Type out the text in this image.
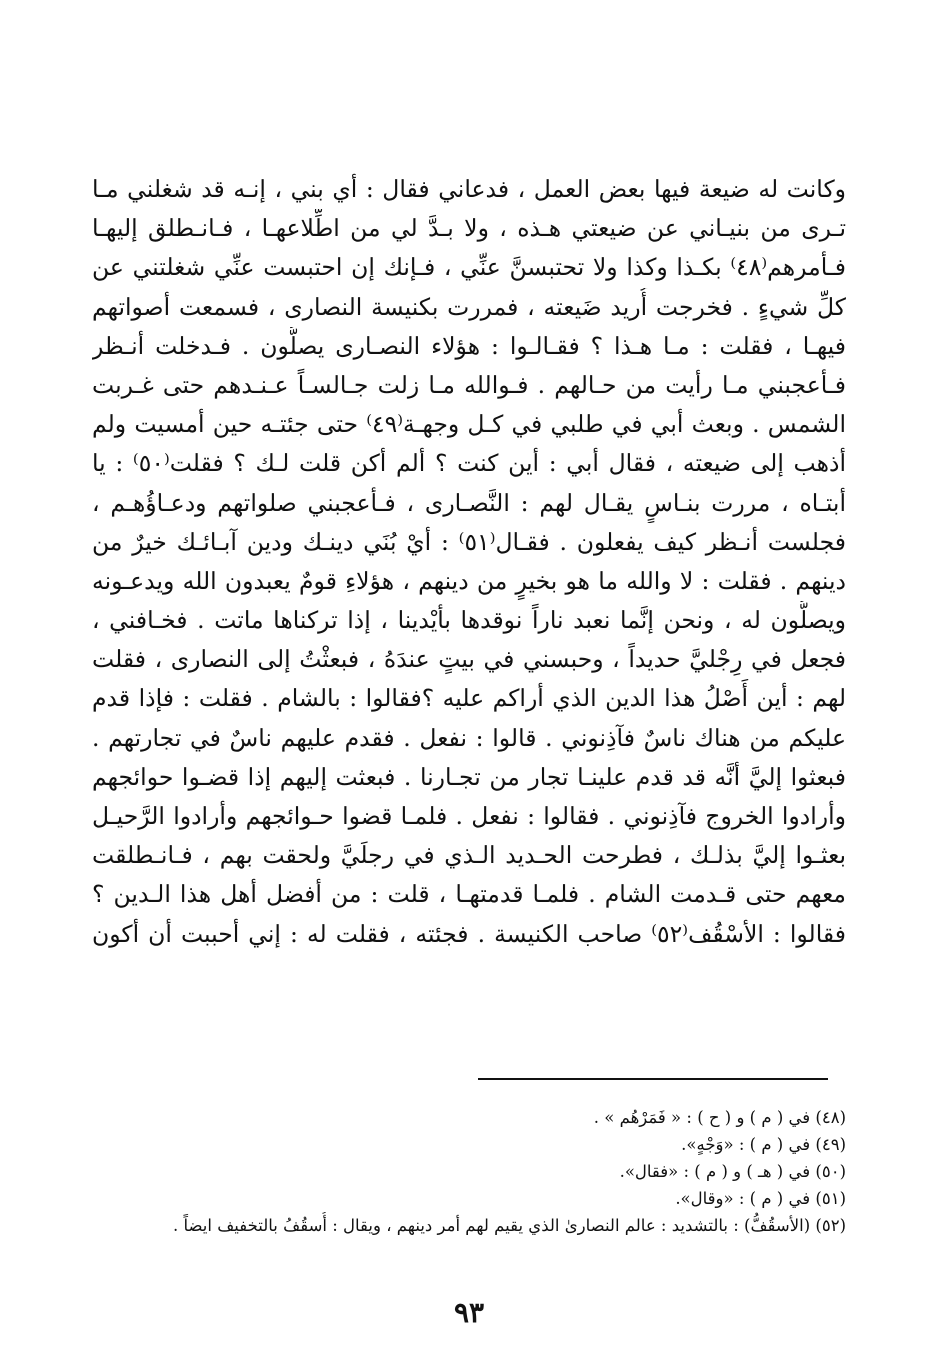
وكانت له ضيعة فيها بعض العمل ، فدعاني فقال : أي بني ، إنـه قد شغلني مـا
تـرى من بنيـاني عن ضيعتي هـذه ، ولا بـدَّ لي من اطِّلاعهـا ، فـانـطلق إليهـا
فـأمرهم⁽٤٨⁾ بكـذا وكذا ولا تحتبسنَّ عنِّي ، فـإنك إن احتبست عنِّي شغلتني عن
كلِّ شيءٍ . فخرجت أُريد ضَيعته ، فمررت بكنيسة النصارى ، فسمعت أصواتهم
فيهـا ، فقلت : مـا هـذا ؟ فقـالـوا : هؤلاء النصـارى يصلُّون . فـدخلت أنـظر
فـأعجبني مـا رأيت من حـالهم . فـوالله مـا زلت جـالسـاً عـنـدهم حتى غـربت
الشمس . وبعث أبي في طلبي في كـل وجهـة⁽٤٩⁾ حتى جئتـه حين أمسيت ولم
أذهب إلى ضيعته ، فقال أبي : أين كنت ؟ ألم أكن قلت لـك ؟ فقلت⁽٥٠⁾ : يا
أبتـاه ، مررت بنـاسٍ يقـال لهم : النَّصـارى ، فـأعجبني صلواتهم ودعـاؤُهـم ،
فجلست أنـظر كيف يفعلون . فقـال⁽٥١⁾ : أيْ بُنَي دينـك ودين آبـائـك خيرٌ من
دينهم . فقلت : لا والله ما هو بخيرٍ من دينهم ، هؤلاءِ قومٌ يعبدون الله ويدعـونه
ويصلُّون له ، ونحن إنَّما نعبد ناراً نوقدها بأيْدينا ، إذا تركناها ماتت . فخـافني ،
فجعل في رِجْليَّ حديداً ، وحبسني في بيتٍ عندَهُ ، فبعثْتُ إلى النصارى ، فقلت
لهم : أين أَصْلُ هذا الدين الذي أراكم عليه ؟فقالوا : بالشام . فقلت : فإذا قدم
عليكم من هناك ناسٌ فآذِنوني . قالوا : نفعل . فقدم عليهم ناسٌ في تجارتهم .
فبعثوا إليَّ أنَّه قد قدم علينـا تجار من تجـارنا . فبعثت إليهم إذا قضـوا حوائجهم
وأرادوا الخروج فآذِنوني . فقالوا : نفعل . فلمـا قضوا حـوائجهم وأرادوا الرَّحيـل
بعثـوا إليَّ بذلـك ، فطرحت الحـديد الـذي في رجلَيَّ ولحقت بهم ، فـانـطلقت
معهم حتى قـدمت الشام . فلمـا قدمتهـا ، قلت : من أفضل أهل هذا الـدين ؟
فقالوا : الأسْقُف⁽٥٢⁾ صاحب الكنيسة . فجئته ، فقلت له : إني أحببت أن أكون
(٤٨) في ( م ) و ( ح ) : « فَمَرْهُم » .
(٤٩) في ( م ) : «وَجْهٍ».
(٥٠) في ( هـ ) و ( م ) : «فقال».
(٥١) في ( م ) : «وقال».
(٥٢) (الأسقُفُّ) : بالتشديد : عالم النصارىٰ الذي يقيم لهم أمر دينهم ، ويقال : أُسقُفُ بالتخفيف ايضاً .
٩٣
